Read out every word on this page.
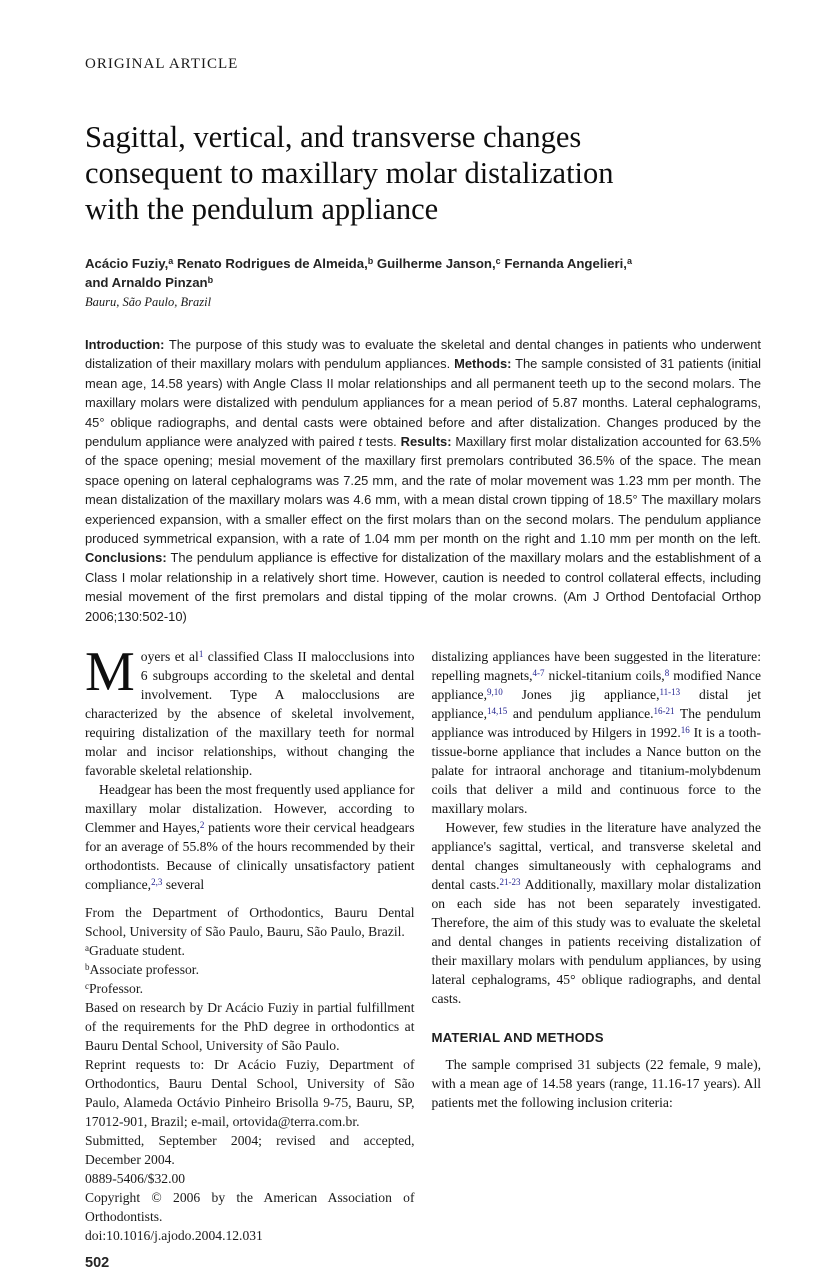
ORIGINAL ARTICLE
Sagittal, vertical, and transverse changes
consequent to maxillary molar distalization
with the pendulum appliance
Acácio Fuziy,$^a$ Renato Rodrigues de Almeida,$^b$ Guilherme Janson,$^c$ Fernanda Angelieri,$^a$
and Arnaldo Pinzan$^b$
Bauru, São Paulo, Brazil
Introduction: The purpose of this study was to evaluate the skeletal and dental changes in patients who underwent distalization of their maxillary molars with pendulum appliances. Methods: The sample consisted of 31 patients (initial mean age, 14.58 years) with Angle Class II molar relationships and all permanent teeth up to the second molars. The maxillary molars were distalized with pendulum appliances for a mean period of 5.87 months. Lateral cephalograms, 45° oblique radiographs, and dental casts were obtained before and after distalization. Changes produced by the pendulum appliance were analyzed with paired t tests. Results: Maxillary first molar distalization accounted for 63.5% of the space opening; mesial movement of the maxillary first premolars contributed 36.5% of the space. The mean space opening on lateral cephalograms was 7.25 mm, and the rate of molar movement was 1.23 mm per month. The mean distalization of the maxillary molars was 4.6 mm, with a mean distal crown tipping of 18.5° The maxillary molars experienced expansion, with a smaller effect on the first molars than on the second molars. The pendulum appliance produced symmetrical expansion, with a rate of 1.04 mm per month on the right and 1.10 mm per month on the left. Conclusions: The pendulum appliance is effective for distalization of the maxillary molars and the establishment of a Class I molar relationship in a relatively short time. However, caution is needed to control collateral effects, including mesial movement of the first premolars and distal tipping of the molar crowns. (Am J Orthod Dentofacial Orthop 2006;130:502-10)

Moyers et al$^1$ classified Class II malocclusions into 6 subgroups according to the skeletal and dental involvement. Type A malocclusions are characterized by the absence of skeletal involvement, requiring distalization of the maxillary teeth for normal molar and incisor relationships, without changing the favorable skeletal relationship.

Headgear has been the most frequently used appliance for maxillary molar distalization. However, according to Clemmer and Hayes,$^2$ patients wore their cervical headgears for an average of 55.8% of the hours recommended by their orthodontists. Because of clinically unsatisfactory patient compliance,$^{2,3}$ several

From the Department of Orthodontics, Bauru Dental School, University of São Paulo, Bauru, São Paulo, Brazil.

$^a$Graduate student.

$^b$Associate professor.

$^c$Professor.

Based on research by Dr Acácio Fuziy in partial fulfillment of the requirements for the PhD degree in orthodontics at Bauru Dental School, University of São Paulo.

Reprint requests to: Dr Acácio Fuziy, Department of Orthodontics, Bauru Dental School, University of São Paulo, Alameda Octávio Pinheiro Brisolla 9-75, Bauru, SP, 17012-901, Brazil; e-mail, ortovida@terra.com.br.

Submitted, September 2004; revised and accepted, December 2004.

0889-5406/$32.00

Copyright © 2006 by the American Association of Orthodontists.

doi:10.1016/j.ajodo.2004.12.031

502

distalizing appliances have been suggested in the literature: repelling magnets,$^{4-7}$ nickel-titanium coils,$^8$ modified Nance appliance,$^{9,10}$ Jones jig appliance,$^{11-13}$ distal jet appliance,$^{14,15}$ and pendulum appliance.$^{16-21}$ The pendulum appliance was introduced by Hilgers in 1992.16 It is a tooth-tissue-borne appliance that includes a Nance button on the palate for intraoral anchorage and titanium-molybdenum coils that deliver a mild and continuous force to the maxillary molars.

However, few studies in the literature have analyzed the appliance's sagittal, vertical, and transverse skeletal and dental changes simultaneously with cephalograms and dental casts.$^{21-23}$ Additionally, maxillary molar distalization on each side has not been separately investigated. Therefore, the aim of this study was to evaluate the skeletal and dental changes in patients receiving distalization of their maxillary molars with pendulum appliances, by using lateral cephalograms, 45° oblique radiographs, and dental casts.

MATERIAL AND METHODS

The sample comprised 31 subjects (22 female, 9 male), with a mean age of 14.58 years (range, 11.16-17 years). All patients met the following inclusion criteria:
